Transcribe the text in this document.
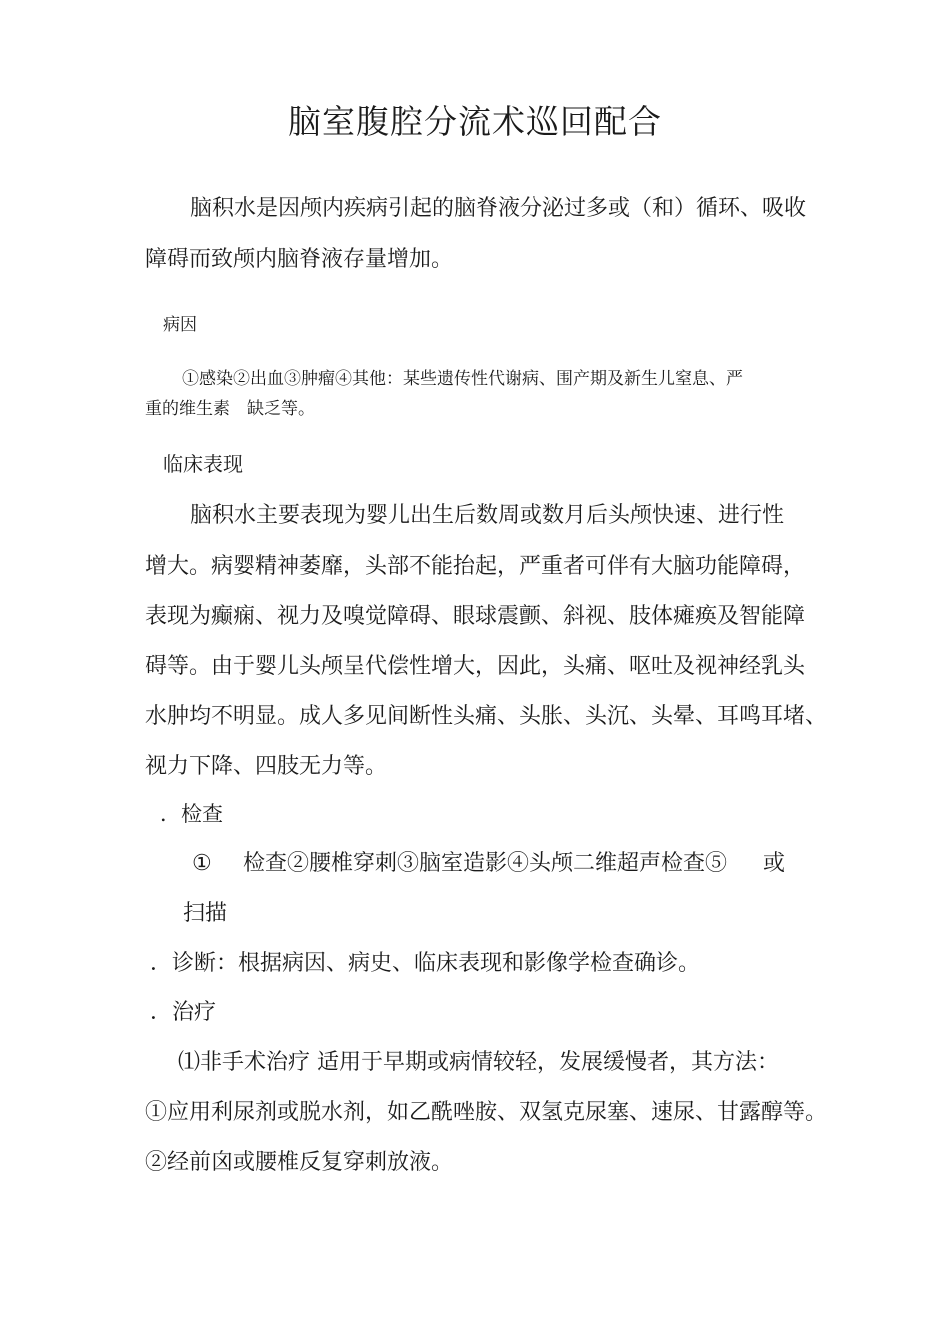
脑室腹腔分流术巡回配合
脑积水是因颅内疾病引起的脑脊液分泌过多或（和）循环、吸收
障碍而致颅内脑脊液存量增加。
病因
①感染②出血③肿瘤④其他：某些遗传性代谢病、围产期及新生儿窒息、严
重的维生素　缺乏等。
临床表现
脑积水主要表现为婴儿出生后数周或数月后头颅快速、进行性
增大。病婴精神萎靡，头部不能抬起，严重者可伴有大脑功能障碍，
表现为癫痫、视力及嗅觉障碍、眼球震颤、斜视、肢体瘫痪及智能障
碍等。由于婴儿头颅呈代偿性增大，因此，头痛、呕吐及视神经乳头
水肿均不明显。成人多见间断性头痛、头胀、头沉、头晕、耳鸣耳堵、
视力下降、四肢无力等。
．检查
① 检查②腰椎穿刺③脑室造影④头颅二维超声检查⑤ 或
扫描
．诊断：根据病因、病史、临床表现和影像学检查确诊。
．治疗
⑴非手术治疗 适用于早期或病情较轻，发展缓慢者，其方法：
①应用利尿剂或脱水剂，如乙酰唑胺、双氢克尿塞、速尿、甘露醇等。
②经前囟或腰椎反复穿刺放液。
